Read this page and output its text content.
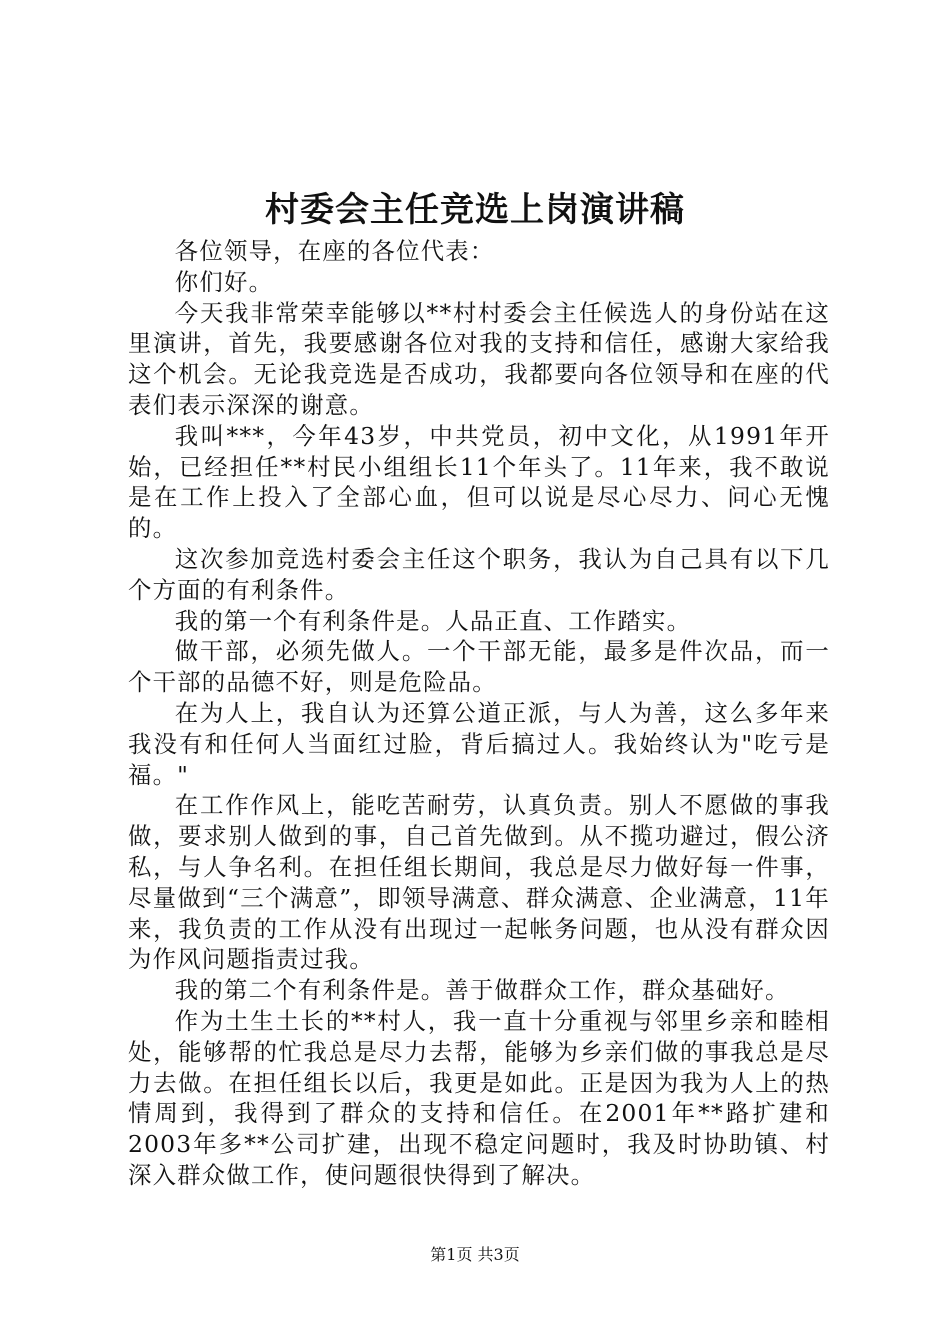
村委会主任竞选上岗演讲稿

各位领导，在座的各位代表：

你们好。

今天我非常荣幸能够以**村村委会主任候选人的身份站在这里演讲，首先，我要感谢各位对我的支持和信任，感谢大家给我这个机会。无论我竞选是否成功，我都要向各位领导和在座的代表们表示深深的谢意。

我叫***，今年43岁，中共党员，初中文化，从1991年开始，已经担任**村民小组组长11个年头了。11年来，我不敢说是在工作上投入了全部心血，但可以说是尽心尽力、问心无愧的。

这次参加竞选村委会主任这个职务，我认为自己具有以下几个方面的有利条件。

我的第一个有利条件是。人品正直、工作踏实。

做干部，必须先做人。一个干部无能，最多是件次品，而一个干部的品德不好，则是危险品。

在为人上，我自认为还算公道正派，与人为善，这么多年来我没有和任何人当面红过脸，背后搞过人。我始终认为"吃亏是福。"

在工作作风上，能吃苦耐劳，认真负责。别人不愿做的事我做，要求别人做到的事，自己首先做到。从不揽功避过，假公济私，与人争名利。在担任组长期间，我总是尽力做好每一件事，尽量做到“三个满意”，即领导满意、群众满意、企业满意，11年来，我负责的工作从没有出现过一起帐务问题，也从没有群众因为作风问题指责过我。

我的第二个有利条件是。善于做群众工作，群众基础好。

作为土生土长的**村人，我一直十分重视与邻里乡亲和睦相处，能够帮的忙我总是尽力去帮，能够为乡亲们做的事我总是尽力去做。在担任组长以后，我更是如此。正是因为我为人上的热情周到，我得到了群众的支持和信任。在2001年**路扩建和2003年多**公司扩建，出现不稳定问题时，我及时协助镇、村深入群众做工作，使问题很快得到了解决。

第1页 共3页
